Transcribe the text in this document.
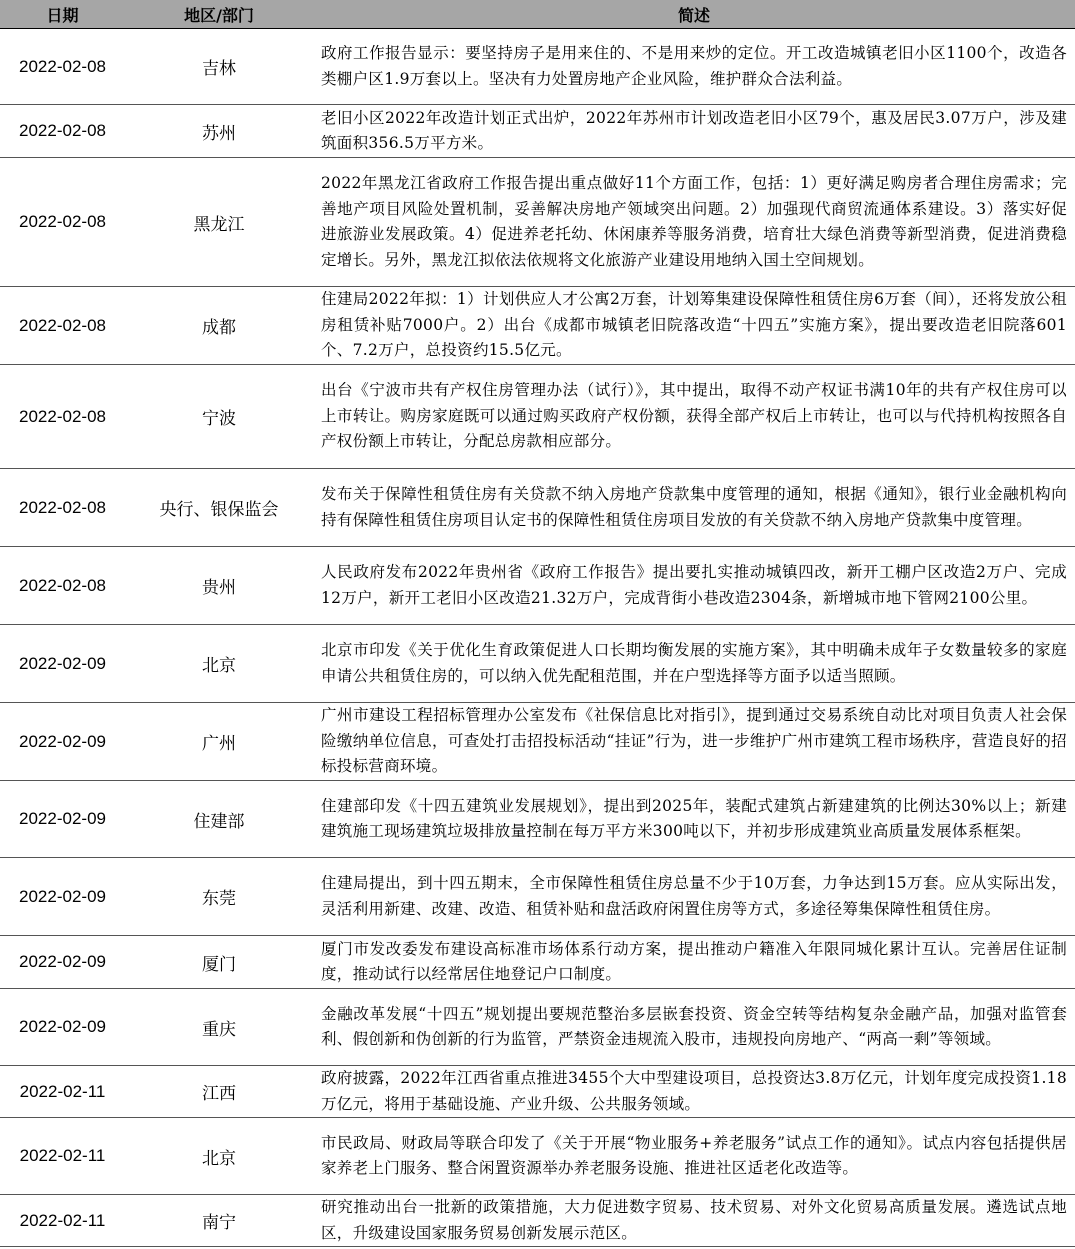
日期	地区/部门	简述
2022-02-08	吉林	政府工作报告显示：要坚持房子是用来住的、不是用来炒的定位。开工改造城镇老旧小区1100个，改造各类棚户区1.9万套以上。坚决有力处置房地产企业风险，维护群众合法利益。
2022-02-08	苏州	老旧小区2022年改造计划正式出炉，2022年苏州市计划改造老旧小区79个，惠及居民3.07万户，涉及建筑面积356.5万平方米。
2022-02-08	黑龙江	2022年黑龙江省政府工作报告提出重点做好11个方面工作，包括：1）更好满足购房者合理住房需求；完善地产项目风险处置机制，妥善解决房地产领域突出问题。2）加强现代商贸流通体系建设。3）落实好促进旅游业发展政策。4）促进养老托幼、休闲康养等服务消费，培育壮大绿色消费等新型消费，促进消费稳定增长。另外，黑龙江拟依法依规将文化旅游产业建设用地纳入国土空间规划。
2022-02-08	成都	住建局2022年拟：1）计划供应人才公寓2万套，计划筹集建设保障性租赁住房6万套（间），还将发放公租房租赁补贴7000户。2）出台《成都市城镇老旧院落改造“十四五”实施方案》，提出要改造老旧院落601个、7.2万户，总投资约15.5亿元。
2022-02-08	宁波	出台《宁波市共有产权住房管理办法（试行）》，其中提出，取得不动产权证书满10年的共有产权住房可以上市转让。购房家庭既可以通过购买政府产权份额，获得全部产权后上市转让，也可以与代持机构按照各自产权份额上市转让，分配总房款相应部分。
2022-02-08	央行、银保监会	发布关于保障性租赁住房有关贷款不纳入房地产贷款集中度管理的通知，根据《通知》，银行业金融机构向持有保障性租赁住房项目认定书的保障性租赁住房项目发放的有关贷款不纳入房地产贷款集中度管理。
2022-02-08	贵州	人民政府发布2022年贵州省《政府工作报告》提出要扎实推动城镇四改，新开工棚户区改造2万户、完成12万户，新开工老旧小区改造21.32万户，完成背街小巷改造2304条，新增城市地下管网2100公里。
2022-02-09	北京	北京市印发《关于优化生育政策促进人口长期均衡发展的实施方案》，其中明确未成年子女数量较多的家庭申请公共租赁住房的，可以纳入优先配租范围，并在户型选择等方面予以适当照顾。
2022-02-09	广州	广州市建设工程招标管理办公室发布《社保信息比对指引》，提到通过交易系统自动比对项目负责人社会保险缴纳单位信息，可查处打击招投标活动“挂证”行为，进一步维护广州市建筑工程市场秩序，营造良好的招标投标营商环境。
2022-02-09	住建部	住建部印发《十四五建筑业发展规划》，提出到2025年，装配式建筑占新建建筑的比例达30%以上；新建建筑施工现场建筑垃圾排放量控制在每万平方米300吨以下，并初步形成建筑业高质量发展体系框架。
2022-02-09	东莞	住建局提出，到十四五期末，全市保障性租赁住房总量不少于10万套，力争达到15万套。应从实际出发，灵活利用新建、改建、改造、租赁补贴和盘活政府闲置住房等方式，多途径筹集保障性租赁住房。
2022-02-09	厦门	厦门市发改委发布建设高标准市场体系行动方案，提出推动户籍准入年限同城化累计互认。完善居住证制度，推动试行以经常居住地登记户口制度。
2022-02-09	重庆	金融改革发展“十四五”规划提出要规范整治多层嵌套投资、资金空转等结构复杂金融产品，加强对监管套利、假创新和伪创新的行为监管，严禁资金违规流入股市，违规投向房地产、“两高一剩”等领域。
2022-02-11	江西	政府披露，2022年江西省重点推进3455个大中型建设项目，总投资达3.8万亿元，计划年度完成投资1.18万亿元，将用于基础设施、产业升级、公共服务领域。
2022-02-11	北京	市民政局、财政局等联合印发了《关于开展“物业服务+养老服务”试点工作的通知》。试点内容包括提供居家养老上门服务、整合闲置资源举办养老服务设施、推进社区适老化改造等。
2022-02-11	南宁	研究推动出台一批新的政策措施，大力促进数字贸易、技术贸易、对外文化贸易高质量发展。遴选试点地区，升级建设国家服务贸易创新发展示范区。
